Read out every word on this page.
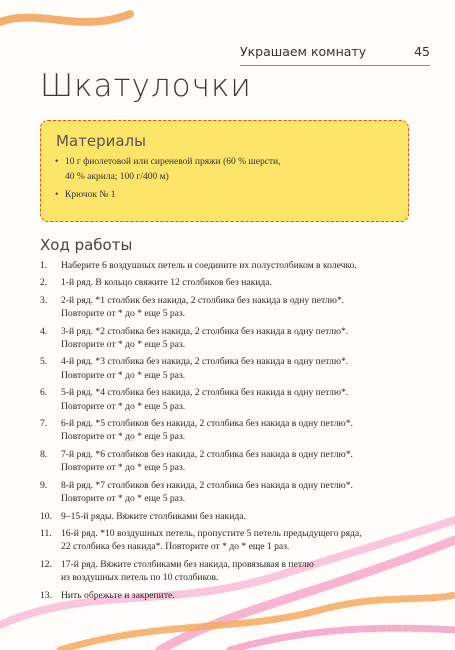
Украшаем комнату	45
Шкатулочки
Материалы
• 10 г фиолетовой или сиреневой пряжи (60 % шерсти,
40 % акрила; 100 г/400 м)
• Крючок № 1
Ход работы
1. Наберите 6 воздушных петель и соедините их полустолбиком в колечко.
2. 1-й ряд. В кольцо свяжите 12 столбиков без накида.
3. 2-й ряд. *1 столбик без накида, 2 столбика без накида в одну петлю*.
Повторите от * до * еще 5 раз.
4. 3-й ряд. *2 столбика без накида, 2 столбика без накида в одну петлю*.
Повторите от * до * еще 5 раз.
5. 4-й ряд. *3 столбика без накида, 2 столбика без накида в одну петлю*.
Повторите от * до * еще 5 раз.
6. 5-й ряд. *4 столбика без накида, 2 столбика без накида в одну петлю*.
Повторите от * до * еще 5 раз.
7. 6-й ряд. *5 столбиков без накида, 2 столбика без накида в одну петлю*.
Повторите от * до * еще 5 раз.
8. 7-й ряд. *6 столбиков без накида, 2 столбика без накида в одну петлю*.
Повторите от * до * еще 5 раз.
9. 8-й ряд. *7 столбиков без накида, 2 столбика без накида в одну петлю*.
Повторите от * до * еще 5 раз.
10. 9–15-й ряды. Вяжите столбиками без накида.
11. 16-й ряд. *10 воздушных петель, пропустите 5 петель предыдущего ряда,
22 столбика без накида*. Повторите от * до * еще 1 раз.
12. 17-й ряд. Вяжите столбиками без накида, провязывая в петлю
из воздушных петель по 10 столбиков.
13. Нить обрежьте и закрепите.
